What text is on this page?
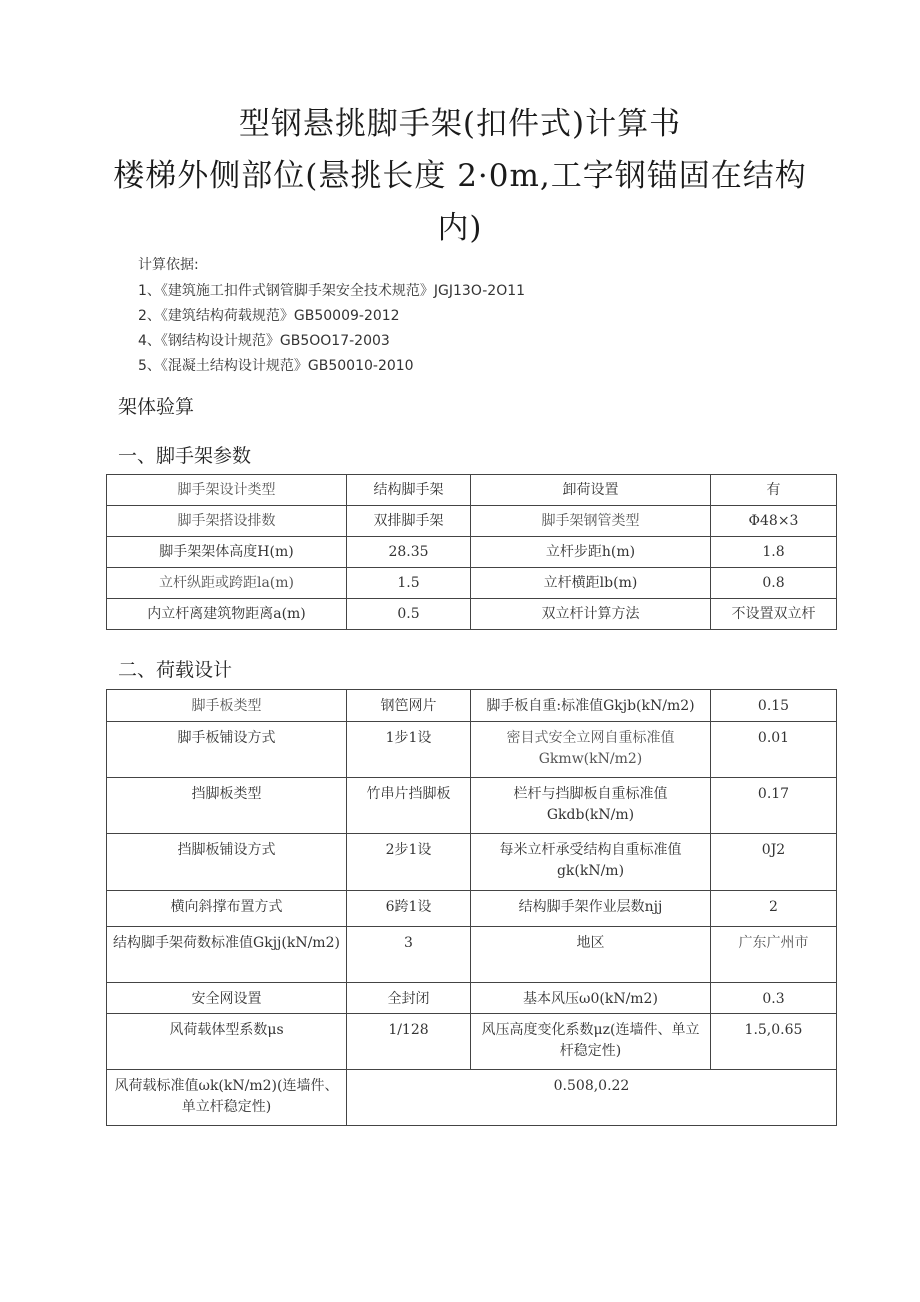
型钢悬挑脚手架(扣件式)计算书
楼梯外侧部位(悬挑长度 2·0m,工字钢锚固在结构
内)
计算依据:
1、《建筑施工扣件式钢管脚手架安全技术规范》JGJ13O-2O11
2、《建筑结构荷载规范》GB50009-2012
4、《钢结构设计规范》GB5OO17-2003
5、《混凝土结构设计规范》GB50010-2010
架体验算
一、脚手架参数
脚手架设计类型	结构脚手架	卸荷设置	有
脚手架搭设排数	双排脚手架	脚手架钢管类型	Φ48×3
脚手架架体高度H(m)	28.35	立杆步距h(m)	1.8
立杆纵距或跨距la(m)	1.5	立杆横距lb(m)	0.8
内立杆离建筑物距离a(m)	0.5	双立杆计算方法	不设置双立杆
二、荷载设计
脚手板类型	钢笆网片	脚手板自重:标准值Gkjb(kN/m2)	0.15
脚手板铺设方式	1步1设	密目式安全立网自重标准值Gkmw(kN/m2)	0.01
挡脚板类型	竹串片挡脚板	栏杆与挡脚板自重标准值Gkdb(kN/m)	0.17
挡脚板铺设方式	2步1设	每米立杆承受结构自重标准值gk(kN/m)	0J2
横向斜撑布置方式	6跨1设	结构脚手架作业层数njj	2
结构脚手架荷数标准值Gkjj(kN/m2)	3	地区	广东广州市
安全网设置	全封闭	基本风压ω0(kN/m2)	0.3
风荷载体型系数μs	1/128	风压高度变化系数μz(连墙件、单立杆稳定性)	1.5,0.65
风荷载标准值ωk(kN/m2)(连墙件、单立杆稳定性)	0.508,0.22		
